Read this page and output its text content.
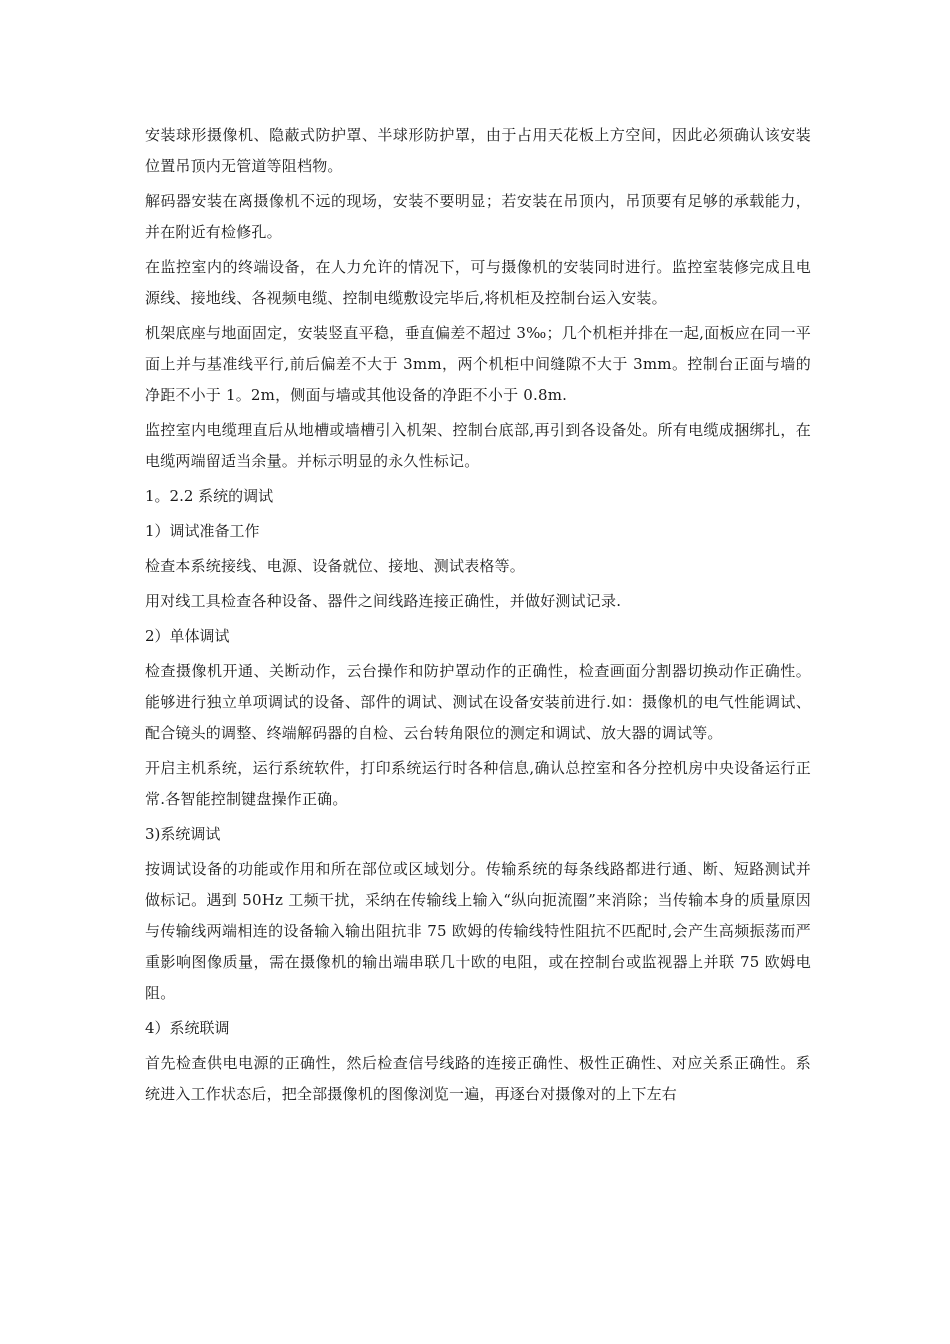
安装球形摄像机、隐蔽式防护罩、半球形防护罩，由于占用天花板上方空间，因此必须确认该安装位置吊顶内无管道等阻档物。

解码器安装在离摄像机不远的现场，安装不要明显；若安装在吊顶内，吊顶要有足够的承载能力，并在附近有检修孔。

在监控室内的终端设备，在人力允许的情况下，可与摄像机的安装同时进行。监控室装修完成且电源线、接地线、各视频电缆、控制电缆敷设完毕后,将机柜及控制台运入安装。

机架底座与地面固定，安装竖直平稳，垂直偏差不超过 3‰；几个机柜并排在一起,面板应在同一平面上并与基准线平行,前后偏差不大于 3mm，两个机柜中间缝隙不大于 3mm。控制台正面与墙的净距不小于 1。2m，侧面与墙或其他设备的净距不小于 0.8m.

监控室内电缆理直后从地槽或墙槽引入机架、控制台底部,再引到各设备处。所有电缆成捆绑扎，在电缆两端留适当余量。并标示明显的永久性标记。

1。2.2 系统的调试

1）调试准备工作

检查本系统接线、电源、设备就位、接地、测试表格等。

用对线工具检查各种设备、器件之间线路连接正确性，并做好测试记录.

2）单体调试

检查摄像机开通、关断动作，云台操作和防护罩动作的正确性，检查画面分割器切换动作正确性。能够进行独立单项调试的设备、部件的调试、测试在设备安装前进行.如：摄像机的电气性能调试、配合镜头的调整、终端解码器的自检、云台转角限位的测定和调试、放大器的调试等。

开启主机系统，运行系统软件，打印系统运行时各种信息,确认总控室和各分控机房中央设备运行正常.各智能控制键盘操作正确。

3)系统调试

按调试设备的功能或作用和所在部位或区域划分。传输系统的每条线路都进行通、断、短路测试并做标记。遇到 50Hz 工频干扰，采纳在传输线上输入“纵向扼流圈”来消除；当传输本身的质量原因与传输线两端相连的设备输入输出阻抗非 75 欧姆的传输线特性阻抗不匹配时,会产生高频振荡而严重影响图像质量，需在摄像机的输出端串联几十欧的电阻，或在控制台或监视器上并联 75 欧姆电阻。

4）系统联调

首先检查供电电源的正确性，然后检查信号线路的连接正确性、极性正确性、对应关系正确性。系统进入工作状态后，把全部摄像机的图像浏览一遍，再逐台对摄像对的上下左右
